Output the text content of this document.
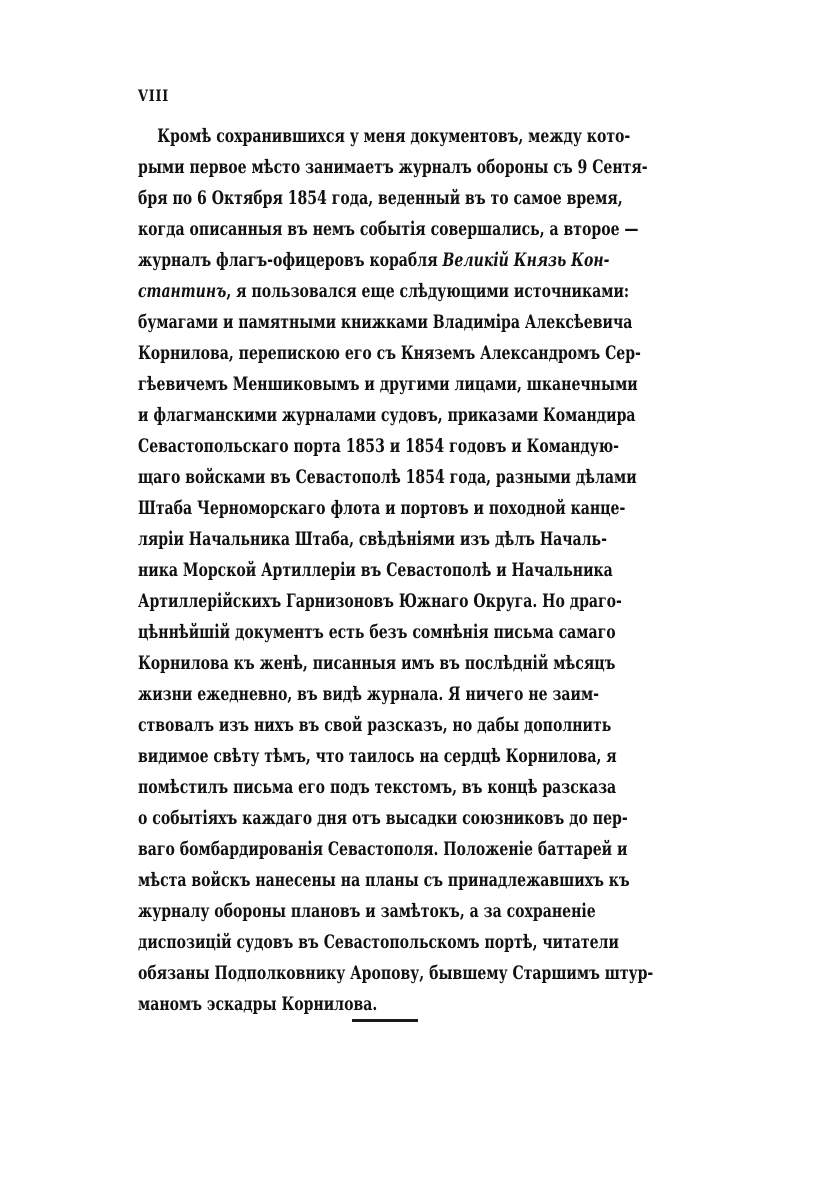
VIII
Кромѣ сохранившихся у меня документовъ, между кото-
рыми первое мѣсто занимаетъ журналъ обороны съ 9 Сентя-
бря по 6 Октября 1854 года, веденный въ то самое время,
когда описанныя въ немъ событія совершались, а второе —
журналъ флагъ-офицеровъ корабля Великій Князь Кон-
стантинъ, я пользовался еще слѣдующими источниками:
бумагами и памятными книжками Владиміра Алексѣевича
Корнилова, перепискою его съ Княземъ Александромъ Сер-
гѣевичемъ Меншиковымъ и другими лицами, шканечными
и флагманскими журналами судовъ, приказами Командира
Севастопольскаго порта 1853 и 1854 годовъ и Командую-
щаго войсками въ Севастополѣ 1854 года, разными дѣлами
Штаба Черноморскаго флота и портовъ и походной канце-
ляріи Начальника Штаба, свѣдѣніями изъ дѣлъ Началь-
ника Морской Артиллеріи въ Севастополѣ и Начальника
Артиллерійскихъ Гарнизоновъ Южнаго Округа. Но драго-
цѣннѣйшій документъ есть безъ сомнѣнія письма самаго
Корнилова къ женѣ, писанныя имъ въ послѣдній мѣсяцъ
жизни ежедневно, въ видѣ журнала. Я ничего не заим-
ствовалъ изъ нихъ въ свой разсказъ, но дабы дополнить
видимое свѣту тѣмъ, что таилось на сердцѣ Корнилова, я
помѣстилъ письма его подъ текстомъ, въ концѣ разсказа
о событіяхъ каждаго дня отъ высадки союзниковъ до пер-
ваго бомбардированія Севастополя. Положеніе баттарей и
мѣста войскъ нанесены на планы съ принадлежавшихъ къ
журналу обороны плановъ и замѣтокъ, а за сохраненіе
диспозицій судовъ въ Севастопольскомъ портѣ, читатели
обязаны Подполковнику Аропову, бывшему Старшимъ штур-
маномъ эскадры Корнилова.
